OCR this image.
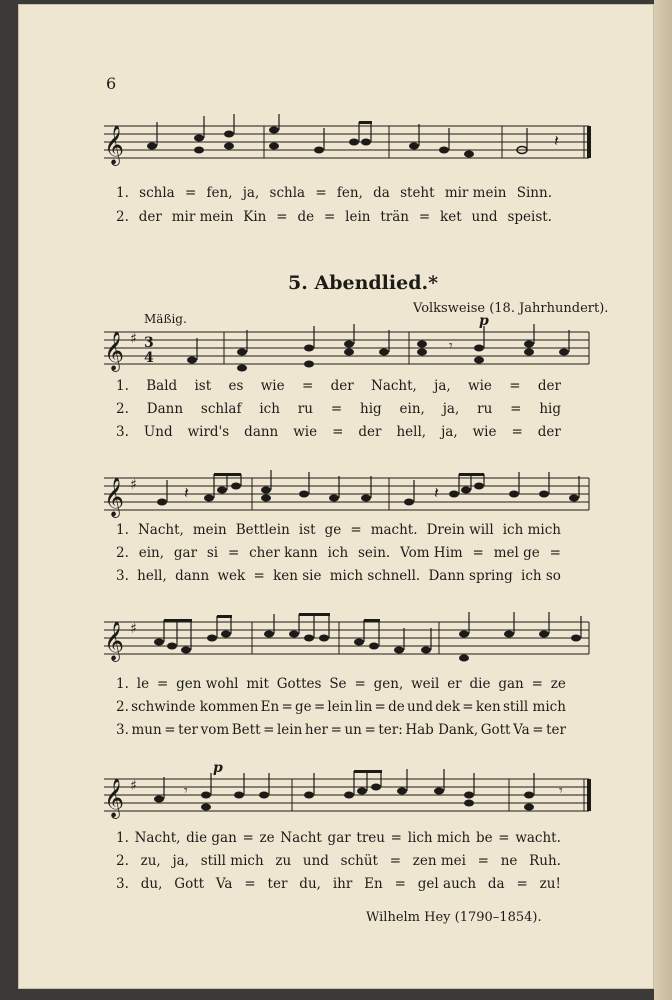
6
𝄞	𝄽
5. Abendlied.*
Volksweise (18. Jahrhundert).
Mäßig.	p
𝄞 ♯ 3
4
𝄾
𝄞 ♯	𝄽	𝄽
𝄞 ♯
p
𝄞 ♯	𝄾	𝄾
Wilhelm Hey (1790–1854).
1. schla = fen, ja, schla = fen, da steht mir mein Sinn.
2. der mir mein Kin = de = lein trän = ket und speist.
1. Bald ist es wie = der Nacht, ja, wie = der
2. Dann schlaf ich ru = hig ein, ja, ru = hig
3. Und wird's dann wie = der hell, ja, wie = der
1. Nacht, mein Bettlein ist ge = macht. Drein will ich mich
2. ein, gar si = cher kann ich sein. Vom Him = mel ge =
3. hell, dann wek = ken sie mich schnell. Dann spring ich so
1. le = gen wohl mit Gottes Se = gen, weil er die gan = ze
2. schwinde kommen En = ge = lein lin = de und dek = ken still mich
3. mun = ter vom Bett = lein her = un = ter: Hab Dank, Gott Va = ter
1. Nacht, die gan = ze Nacht gar treu = lich mich be = wacht.
2. zu, ja, still mich zu und schüt = zen mei = ne Ruh.
3. du, Gott Va = ter du, ihr En = gel auch da = zu!
